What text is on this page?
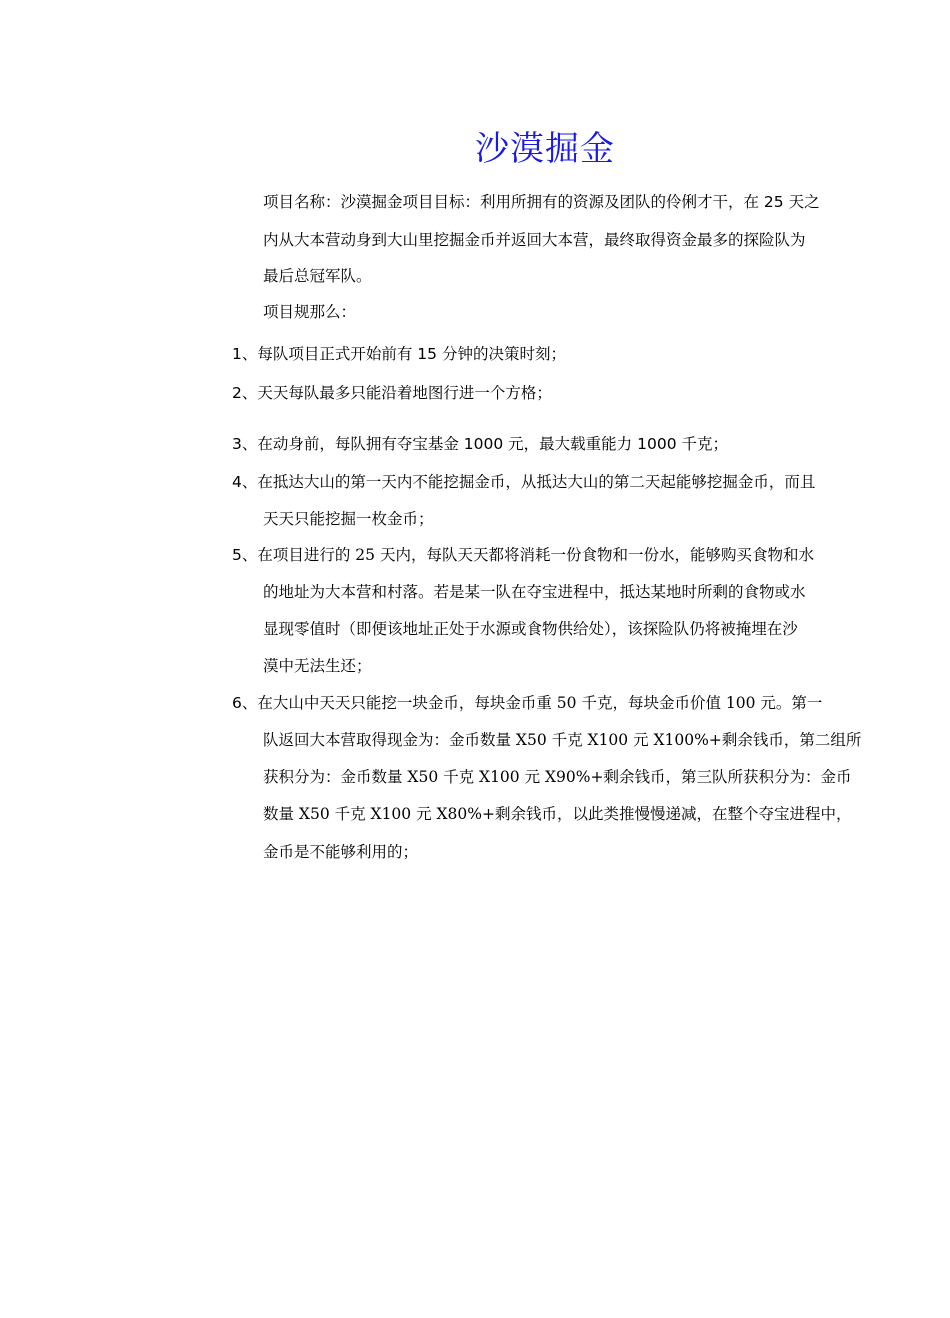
沙漠掘金
项目名称：沙漠掘金项目目标：利用所拥有的资源及团队的伶俐才干，在 25 天之
内从大本营动身到大山里挖掘金币并返回大本营，最终取得资金最多的探险队为
最后总冠军队。
项目规那么：
1、每队项目正式开始前有 15 分钟的决策时刻；
2、天天每队最多只能沿着地图行进一个方格；
3、在动身前，每队拥有夺宝基金 1000 元，最大载重能力 1000 千克；
4、在抵达大山的第一天内不能挖掘金币，从抵达大山的第二天起能够挖掘金币，而且
天天只能挖掘一枚金币；
5、在项目进行的 25 天内，每队天天都将消耗一份食物和一份水，能够购买食物和水
的地址为大本营和村落。若是某一队在夺宝进程中，抵达某地时所剩的食物或水
显现零值时（即便该地址正处于水源或食物供给处），该探险队仍将被掩埋在沙
漠中无法生还；
6、在大山中天天只能挖一块金币，每块金币重 50 千克，每块金币价值 100 元。第一
队返回大本营取得现金为：金币数量 X50 千克 X100 元 X100%+剩余钱币，第二组所
获积分为：金币数量 X50 千克 X100 元 X90%+剩余钱币，第三队所获积分为：金币
数量 X50 千克 X100 元 X80%+剩余钱币，以此类推慢慢递减，在整个夺宝进程中，
金币是不能够利用的；
